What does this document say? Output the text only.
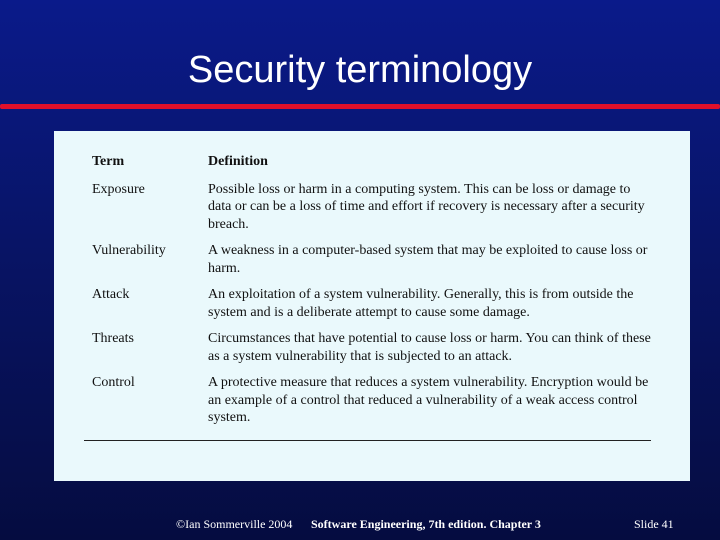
Security terminology
Term	Definition
Exposure	Possible loss or harm in a computing system. This can be loss or damage to data or can be a loss of time and effort if recovery is necessary after a security breach.
Vulnerability	A weakness in a computer-based system that may be exploited to cause loss or harm.
Attack	An exploitation of a system vulnerability. Generally, this is from outside the system and is a deliberate attempt to cause some damage.
Threats	Circumstances that have potential to cause loss or harm. You can think of these as a system vulnerability that is subjected to an attack.
Control	A protective measure that reduces a system vulnerability. Encryption would be an example of a control that reduced a vulnerability of a weak access control system.
©Ian Sommerville 2004 Software Engineering, 7th edition. Chapter 3	Slide 41
